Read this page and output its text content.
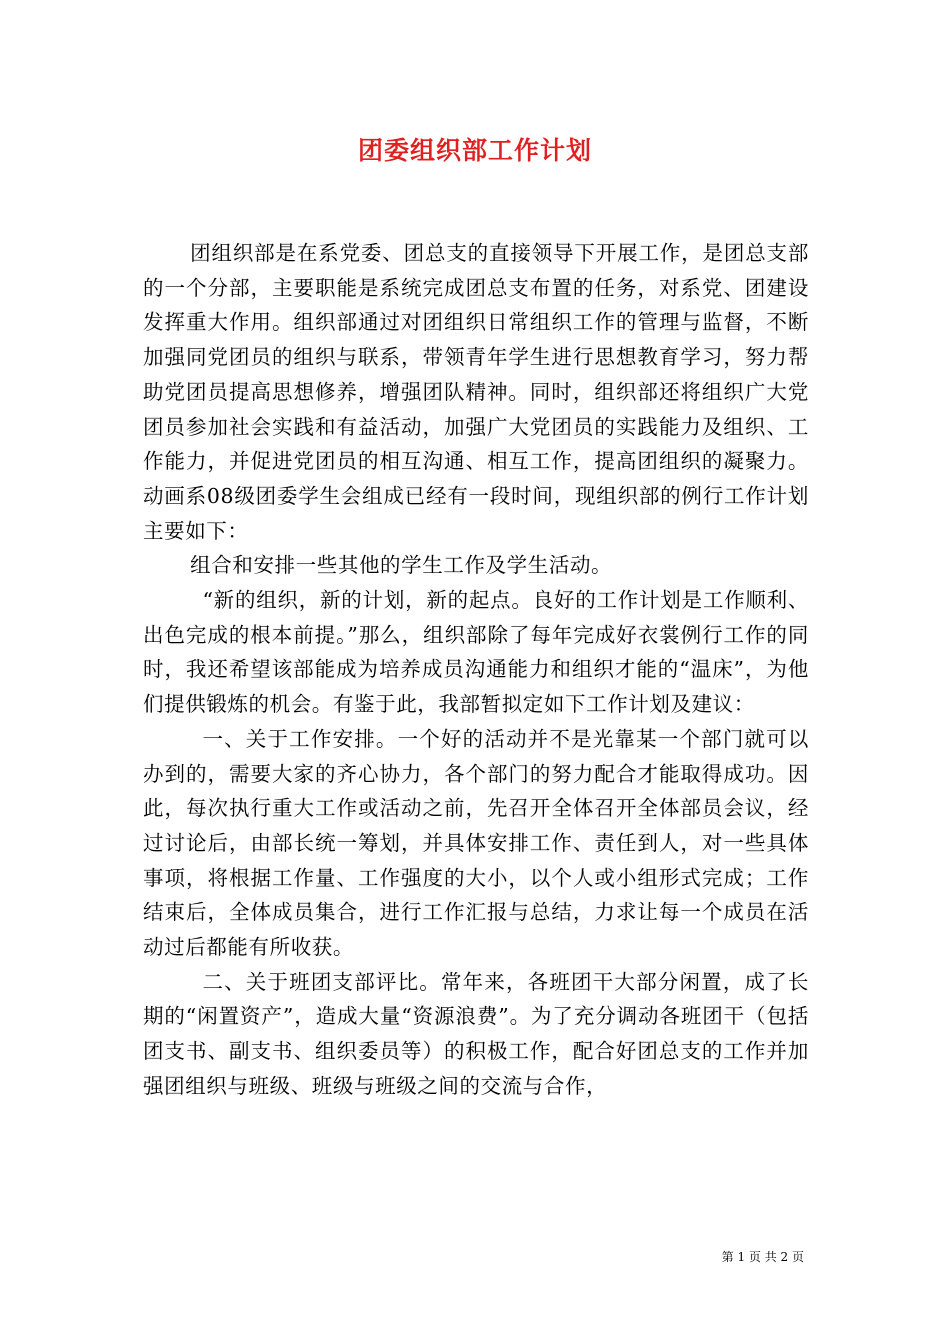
团委组织部工作计划

团组织部是在系党委、团总支的直接领导下开展工作，是团总支部的一个分部，主要职能是系统完成团总支布置的任务，对系党、团建设发挥重大作用。组织部通过对团组织日常组织工作的管理与监督，不断加强同党团员的组织与联系，带领青年学生进行思想教育学习，努力帮助党团员提高思想修养，增强团队精神。同时，组织部还将组织广大党团员参加社会实践和有益活动，加强广大党团员的实践能力及组织、工作能力，并促进党团员的相互沟通、相互工作，提高团组织的凝聚力。动画系08级团委学生会组成已经有一段时间，现组织部的例行工作计划主要如下：

组合和安排一些其他的学生工作及学生活动。

“新的组织，新的计划，新的起点。良好的工作计划是工作顺利、出色完成的根本前提。”那么，组织部除了每年完成好衣裳例行工作的同时，我还希望该部能成为培养成员沟通能力和组织才能的“温床”，为他们提供锻炼的机会。有鉴于此，我部暂拟定如下工作计划及建议：

一、关于工作安排。一个好的活动并不是光靠某一个部门就可以办到的，需要大家的齐心协力，各个部门的努力配合才能取得成功。因此，每次执行重大工作或活动之前，先召开全体召开全体部员会议，经过讨论后，由部长统一筹划，并具体安排工作、责任到人，对一些具体事项，将根据工作量、工作强度的大小，以个人或小组形式完成；工作结束后，全体成员集合，进行工作汇报与总结，力求让每一个成员在活动过后都能有所收获。

二、关于班团支部评比。常年来，各班团干大部分闲置，成了长期的“闲置资产”，造成大量“资源浪费”。为了充分调动各班团干（包括团支书、副支书、组织委员等）的积极工作，配合好团总支的工作并加强团组织与班级、班级与班级之间的交流与合作，

第 1 页 共 2 页
